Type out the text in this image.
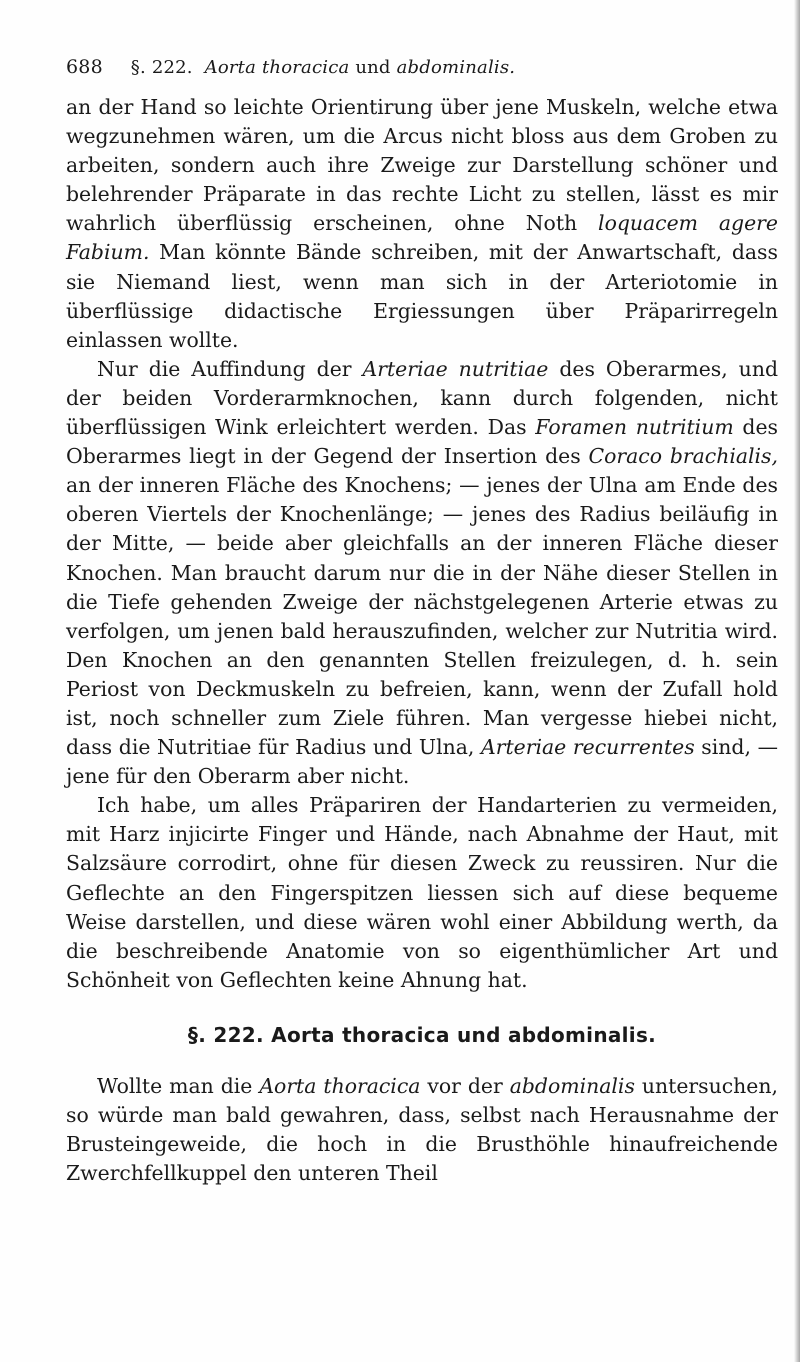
688 §. 222. Aorta thoracica und abdominalis.

an der Hand so leichte Orientirung über jene Muskeln, welche etwa wegzunehmen wären, um die Arcus nicht bloss aus dem Groben zu arbeiten, sondern auch ihre Zweige zur Darstellung schöner und belehrender Präparate in das rechte Licht zu stellen, lässt es mir wahrlich überflüssig erscheinen, ohne Noth loquacem agere Fabium. Man könnte Bände schreiben, mit der Anwartschaft, dass sie Niemand liest, wenn man sich in der Arteriotomie in überflüssige didactische Ergiessungen über Präparirregeln einlassen wollte.

Nur die Auffindung der Arteriae nutritiae des Oberarmes, und der beiden Vorderarmknochen, kann durch folgenden, nicht überflüssigen Wink erleichtert werden. Das Foramen nutritium des Oberarmes liegt in der Gegend der Insertion des Coraco brachialis, an der inneren Fläche des Knochens; — jenes der Ulna am Ende des oberen Viertels der Knochenlänge; — jenes des Radius beiläufig in der Mitte, — beide aber gleichfalls an der inneren Fläche dieser Knochen. Man braucht darum nur die in der Nähe dieser Stellen in die Tiefe gehenden Zweige der nächstgelegenen Arterie etwas zu verfolgen, um jenen bald herauszufinden, welcher zur Nutritia wird. Den Knochen an den genannten Stellen freizulegen, d. h. sein Periost von Deckmuskeln zu befreien, kann, wenn der Zufall hold ist, noch schneller zum Ziele führen. Man vergesse hiebei nicht, dass die Nutritiae für Radius und Ulna, Arteriae recurrentes sind, — jene für den Oberarm aber nicht.

Ich habe, um alles Präpariren der Handarterien zu vermeiden, mit Harz injicirte Finger und Hände, nach Abnahme der Haut, mit Salzsäure corrodirt, ohne für diesen Zweck zu reussiren. Nur die Geflechte an den Fingerspitzen liessen sich auf diese bequeme Weise darstellen, und diese wären wohl einer Abbildung werth, da die beschreibende Anatomie von so eigenthümlicher Art und Schönheit von Geflechten keine Ahnung hat.

§. 222. Aorta thoracica und abdominalis.

Wollte man die Aorta thoracica vor der abdominalis untersuchen, so würde man bald gewahren, dass, selbst nach Herausnahme der Brusteingeweide, die hoch in die Brusthöhle hinaufreichende Zwerchfellkuppel den unteren Theil
